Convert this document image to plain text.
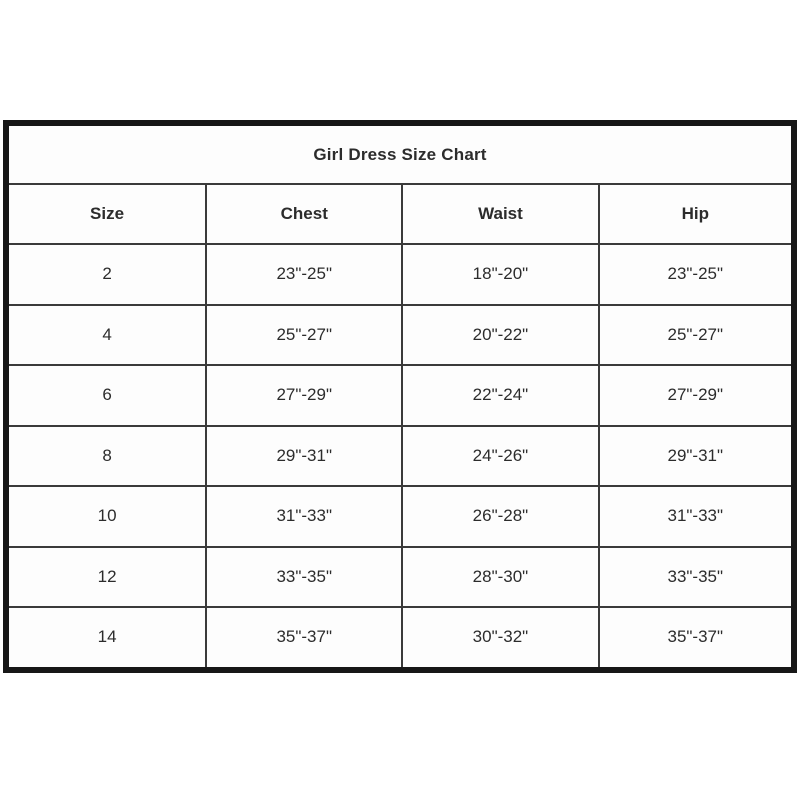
Girl Dress Size Chart			
Size	Chest	Waist	Hip
2	23"-25"	18"-20"	23"-25"
4	25"-27"	20"-22"	25"-27"
6	27"-29"	22"-24"	27"-29"
8	29"-31"	24"-26"	29"-31"
10	31"-33"	26"-28"	31"-33"
12	33"-35"	28"-30"	33"-35"
14	35"-37"	30"-32"	35"-37"
